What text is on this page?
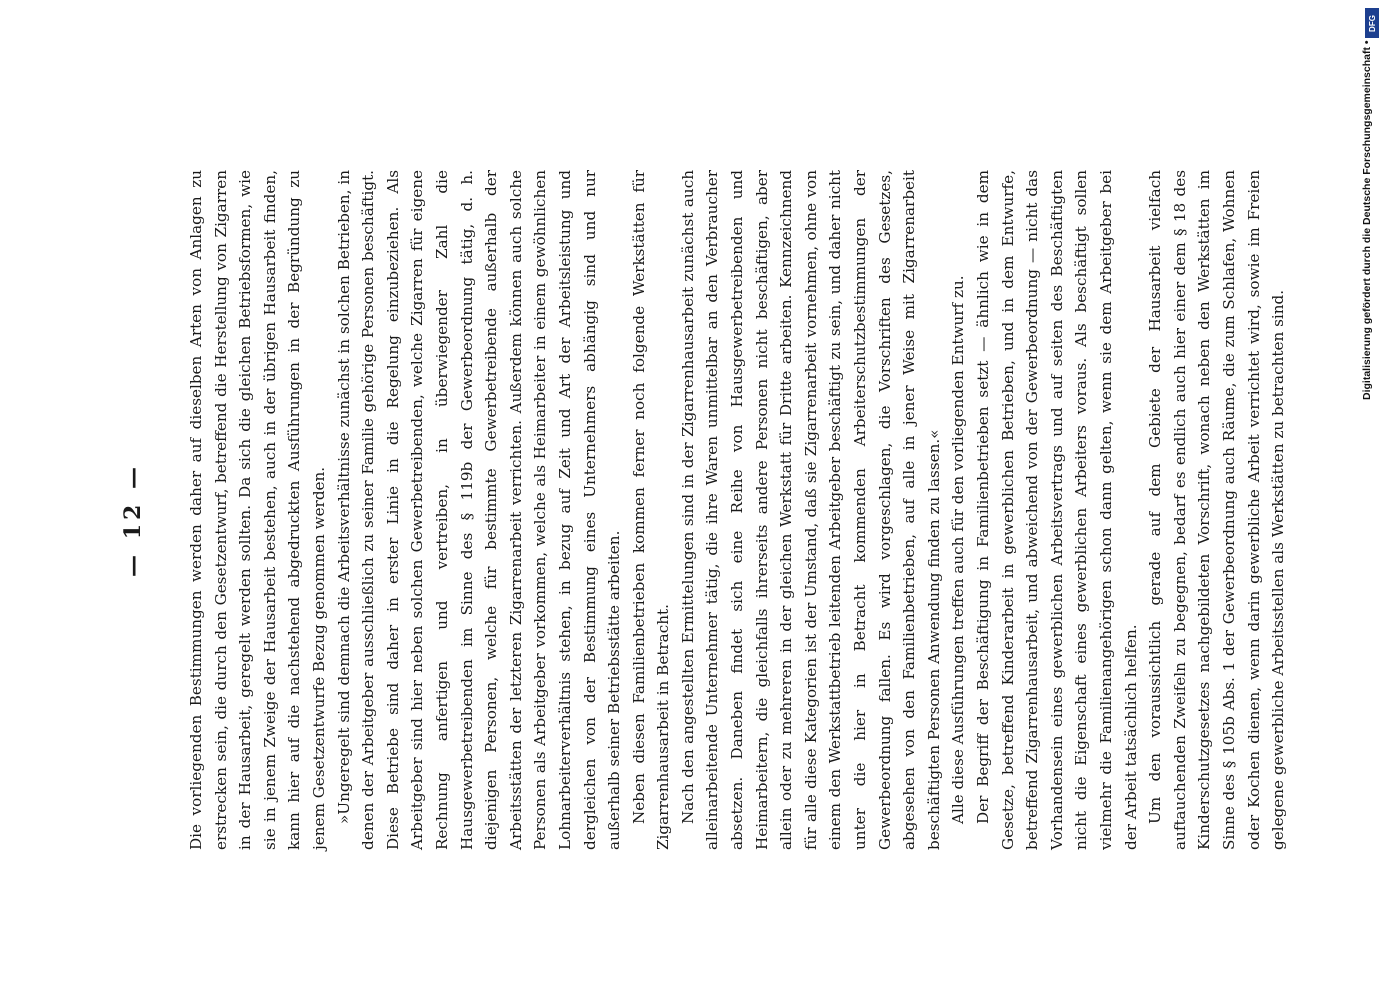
— 12 —	Die vorliegenden Bestimmungen werden daher auf dieselben Arten von Anlagen zu erstrecken sein, die durch den Gesetzentwurf, betreffend die Herstellung von Zigarren in der Hausarbeit, geregelt werden sollten. Da sich die gleichen Betriebsformen, wie sie in jenem Zweige der Hausarbeit bestehen, auch in der übrigen Hausarbeit finden, kann hier auf die nachstehend abgedruckten Ausführungen in der Begründung zu jenem Gesetzentwurfe Bezug genommen werden. »Ungeregelt sind demnach die Arbeitsverhältnisse zunächst in solchen Betrieben, in denen der Arbeitgeber ausschließlich zu seiner Familie gehörige Personen beschäftigt. Diese Betriebe sind daher in erster Linie in die Regelung einzubeziehen. Als Arbeitgeber sind hier neben solchen Gewerbetreibenden, welche Zigarren für eigene Rechnung anfertigen und vertreiben, in überwiegender Zahl die Hausgewerbetreibenden im Sinne des § 119b der Gewerbeordnung tätig, d. h. diejenigen Personen, welche für bestimmte Gewerbetreibende außerhalb der Arbeitsstätten der letzteren Zigarrenarbeit verrichten. Außerdem können auch solche Personen als Arbeitgeber vorkommen, welche als Heimarbeiter in einem gewöhnlichen Lohnarbeiterverhältnis stehen, in bezug auf Zeit und Art der Arbeitsleistung und dergleichen von der Bestimmung eines Unternehmers abhängig sind und nur außerhalb seiner Betriebsstätte arbeiten. Neben diesen Familienbetrieben kommen ferner noch folgende Werkstätten für Zigarrenhausarbeit in Betracht. Nach den angestellten Ermittelungen sind in der Zigarrenhausarbeit zunächst auch alleinarbeitende Unternehmer tätig, die ihre Waren unmittelbar an den Verbraucher absetzen. Daneben findet sich eine Reihe von Hausgewerbetreibenden und Heimarbeitern, die gleichfalls ihrerseits andere Personen nicht beschäftigen, aber allein oder zu mehreren in der gleichen Werkstatt für Dritte arbeiten. Kennzeichnend für alle diese Kategorien ist der Umstand, daß sie Zigarrenarbeit vornehmen, ohne von einem den Werkstattbetrieb leitenden Arbeitgeber beschäftigt zu sein, und daher nicht unter die hier in Betracht kommenden Arbeiterschutzbestimmungen der Gewerbeordnung fallen. Es wird vorgeschlagen, die Vorschriften des Gesetzes, abgesehen von den Familienbetrieben, auf alle in jener Weise mit Zigarrenarbeit beschäftigten Personen Anwendung finden zu lassen.« Alle diese Ausführungen treffen auch für den vorliegenden Entwurf zu. Der Begriff der Beschäftigung in Familienbetrieben setzt — ähnlich wie in dem Gesetze, betreffend Kinderarbeit in gewerblichen Betrieben, und in dem Entwurfe, betreffend Zigarrenhausarbeit, und abweichend von der Gewerbeordnung — nicht das Vorhandensein eines gewerblichen Arbeitsvertrags und auf seiten des Beschäftigten nicht die Eigenschaft eines gewerblichen Arbeiters voraus. Als beschäftigt sollen vielmehr die Familienangehörigen schon dann gelten, wenn sie dem Arbeitgeber bei der Arbeit tatsächlich helfen. Um den voraussichtlich gerade auf dem Gebiete der Hausarbeit vielfach auftauchenden Zweifeln zu begegnen, bedarf es endlich auch hier einer dem § 18 des Kinderschutzgesetzes nachgebildeten Vorschrift, wonach neben den Werkstätten im Sinne des § 105b Abs. 1 der Gewerbeordnung auch Räume, die zum Schlafen, Wohnen oder Kochen dienen, wenn darin gewerbliche Arbeit verrichtet wird, sowie im Freien gelegene gewerbliche Arbeitsstellen als Werkstätten zu betrachten sind.

Digitalisierung gefördert durch die Deutsche Forschungsgemeinschaft •
DFG
